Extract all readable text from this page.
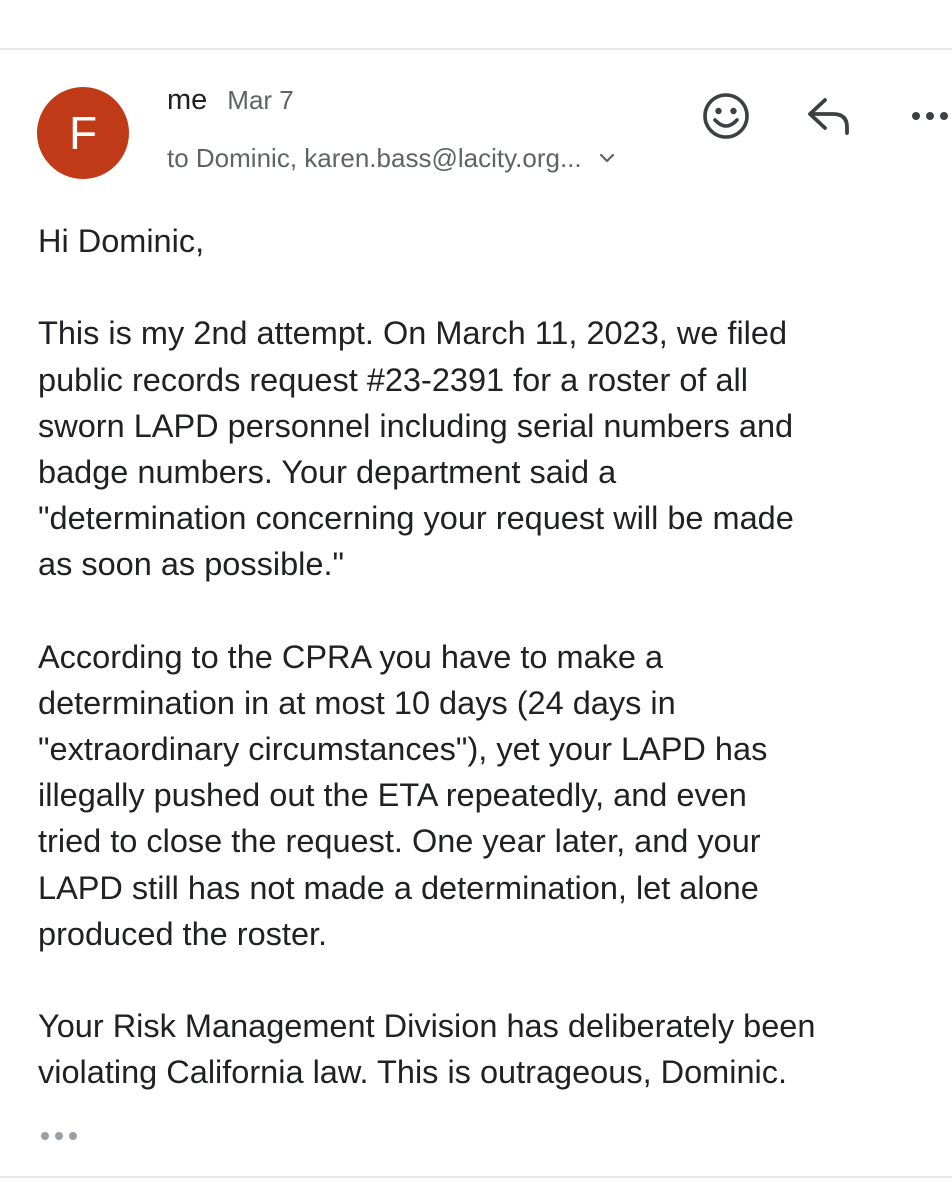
F
me Mar 7
to Dominic, karen.bass@lacity.org...
Hi Dominic,
This is my 2nd attempt. On March 11, 2023, we filed
public records request #23-2391 for a roster of all
sworn LAPD personnel including serial numbers and
badge numbers. Your department said a
"determination concerning your request will be made
as soon as possible."
According to the CPRA you have to make a
determination in at most 10 days (24 days in
"extraordinary circumstances"), yet your LAPD has
illegally pushed out the ETA repeatedly, and even
tried to close the request. One year later, and your
LAPD still has not made a determination, let alone
produced the roster.
Your Risk Management Division has deliberately been
violating California law. This is outrageous, Dominic.
